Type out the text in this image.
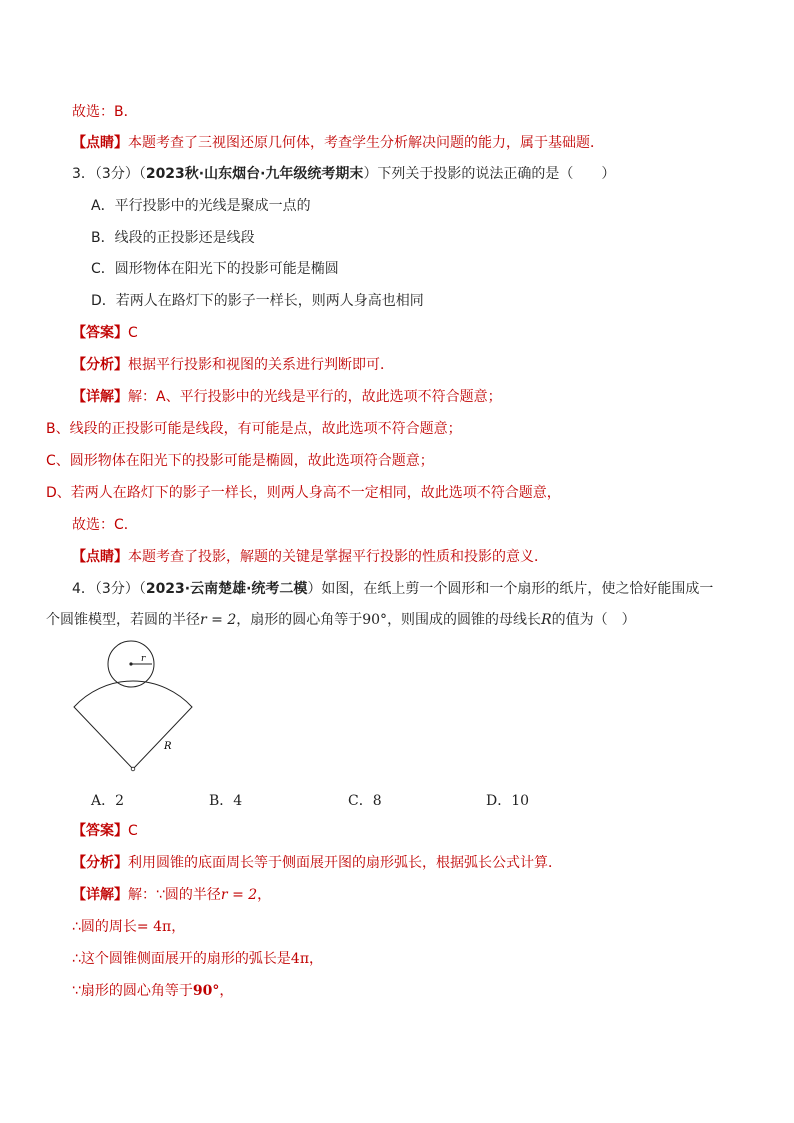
故选：B．
【点睛】本题考查了三视图还原几何体，考查学生分析解决问题的能力，属于基础题．
3．（3分）（2023秋·山东烟台·九年级统考期末）下列关于投影的说法正确的是（　　）
A．平行投影中的光线是聚成一点的
B．线段的正投影还是线段
C．圆形物体在阳光下的投影可能是椭圆
D．若两人在路灯下的影子一样长，则两人身高也相同
【答案】C
【分析】根据平行投影和视图的关系进行判断即可．
【详解】解：A、平行投影中的光线是平行的，故此选项不符合题意；
B、线段的正投影可能是线段，有可能是点，故此选项不符合题意；
C、圆形物体在阳光下的投影可能是椭圆，故此选项符合题意；
D、若两人在路灯下的影子一样长，则两人身高不一定相同，故此选项不符合题意，
故选：C．
【点睛】本题考查了投影，解题的关键是掌握平行投影的性质和投影的意义．
4．（3分）（2023·云南楚雄·统考二模）如图，在纸上剪一个圆形和一个扇形的纸片，使之恰好能围成一
个圆锥模型，若圆的半径r = 2，扇形的圆心角等于90°，则围成的圆锥的母线长R的值为（　）
r
R
A．2	B．4	C．8	D．10
【答案】C
【分析】利用圆锥的底面周长等于侧面展开图的扇形弧长，根据弧长公式计算．
【详解】解：∵圆的半径r = 2，
∴圆的周长= 4π，
∴这个圆锥侧面展开的扇形的弧长是4π，
∵扇形的圆心角等于90°，
